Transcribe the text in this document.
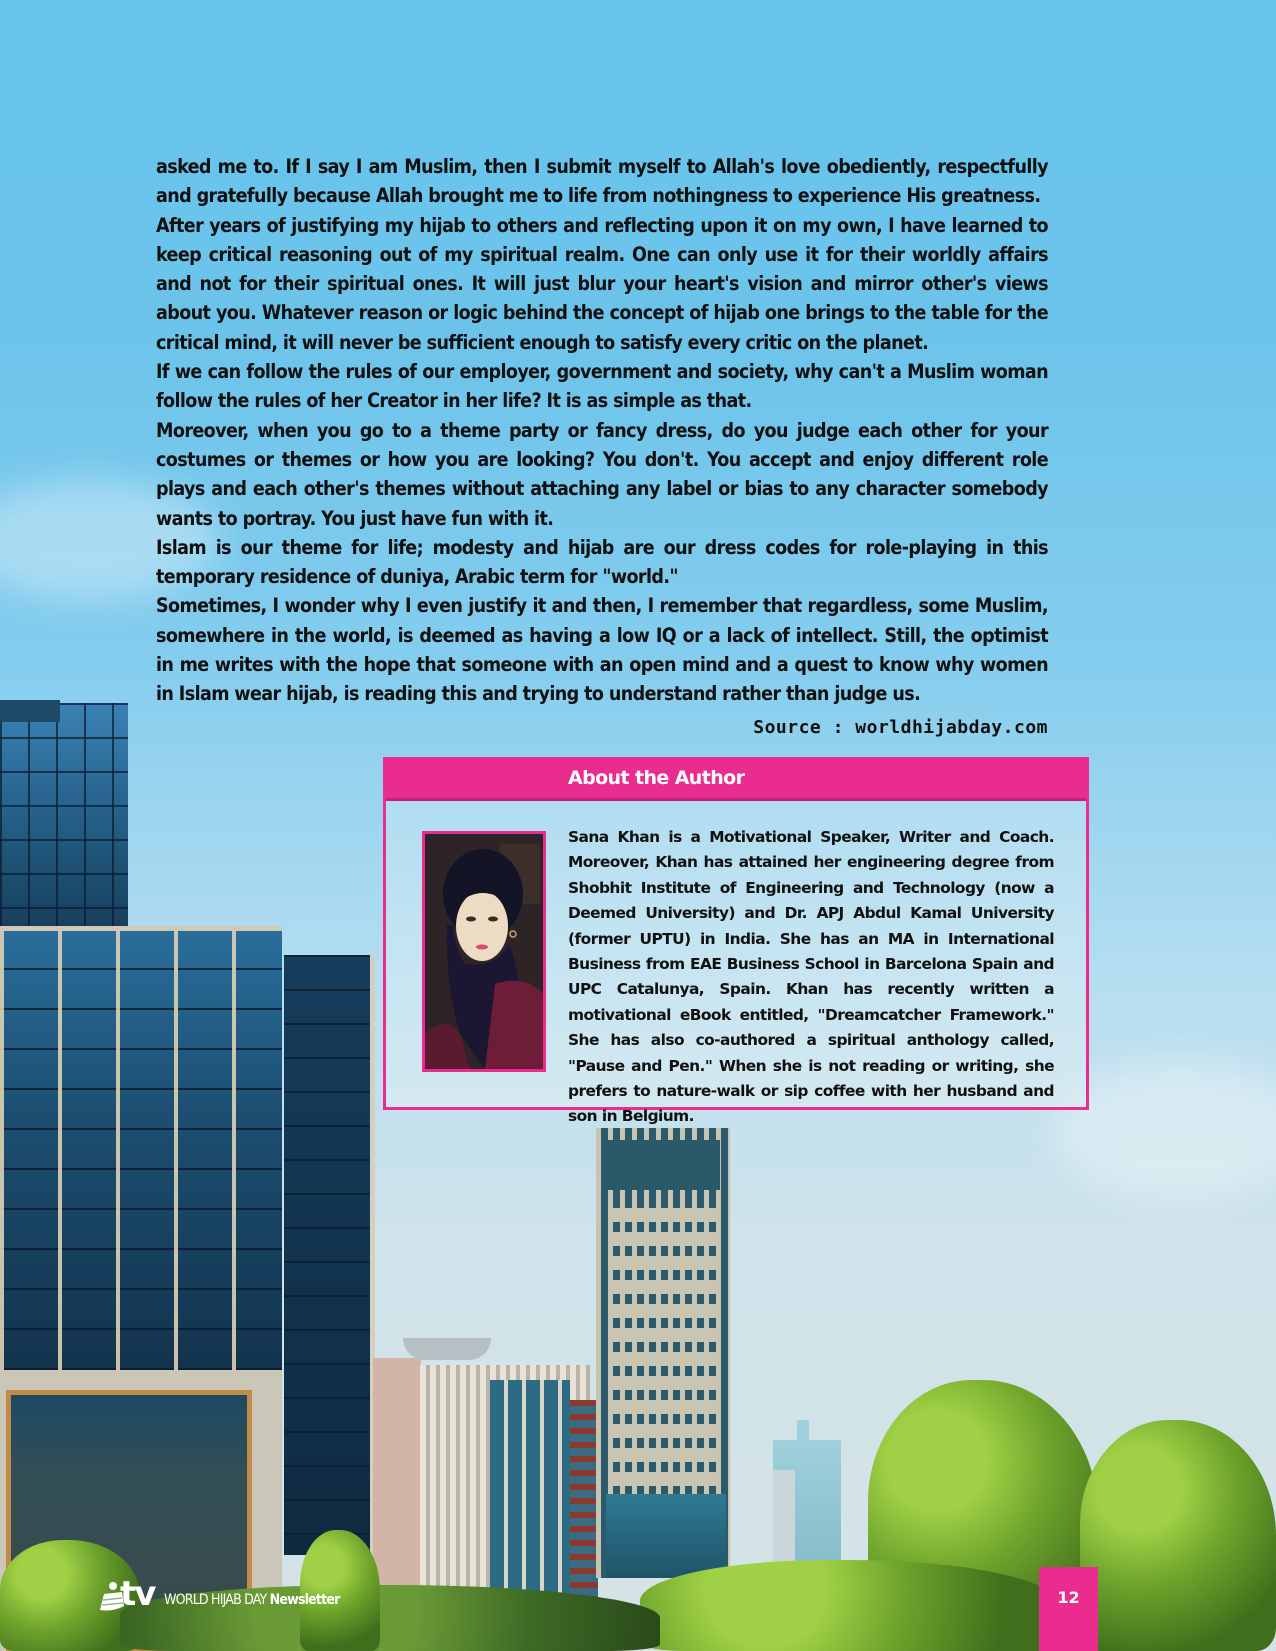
asked me to. If I say I am Muslim, then I submit myself to Allah's love obediently, respectfully and gratefully because Allah brought me to life from nothingness to experience His greatness.

After years of justifying my hijab to others and reflecting upon it on my own, I have learned to keep critical reasoning out of my spiritual realm. One can only use it for their worldly affairs and not for their spiritual ones. It will just blur your heart's vision and mirror other's views about you. Whatever reason or logic behind the concept of hijab one brings to the table for the critical mind, it will never be sufficient enough to satisfy every critic on the planet.

If we can follow the rules of our employer, government and society, why can't a Muslim woman follow the rules of her Creator in her life? It is as simple as that.

Moreover, when you go to a theme party or fancy dress, do you judge each other for your costumes or themes or how you are looking? You don't. You accept and enjoy different role plays and each other's themes without attaching any label or bias to any character somebody wants to portray. You just have fun with it.

Islam is our theme for life; modesty and hijab are our dress codes for role-playing in this temporary residence of duniya, Arabic term for "world."

Sometimes, I wonder why I even justify it and then, I remember that regardless, some Muslim, somewhere in the world, is deemed as having a low IQ or a lack of intellect. Still, the optimist in me writes with the hope that someone with an open mind and a quest to know why women in Islam wear hijab, is reading this and trying to understand rather than judge us.

Source : worldhijabday.com
About the Author
Sana Khan is a Motivational Speaker, Writer and Coach. Moreover, Khan has attained her engineering degree from Shobhit Institute of Engineering and Technology (now a Deemed University) and Dr. APJ Abdul Kamal University (former UPTU) in India. She has an MA in International Business from EAE Business School in Barcelona Spain and UPC Catalunya, Spain. Khan has recently written a motivational eBook entitled, "Dreamcatcher Framework." She has also co-authored a spiritual anthology called, "Pause and Pen." When she is not reading or writing, she prefers to nature-walk or sip coffee with her husband and son in Belgium.
tv WORLD HIJAB DAY Newsletter	12
